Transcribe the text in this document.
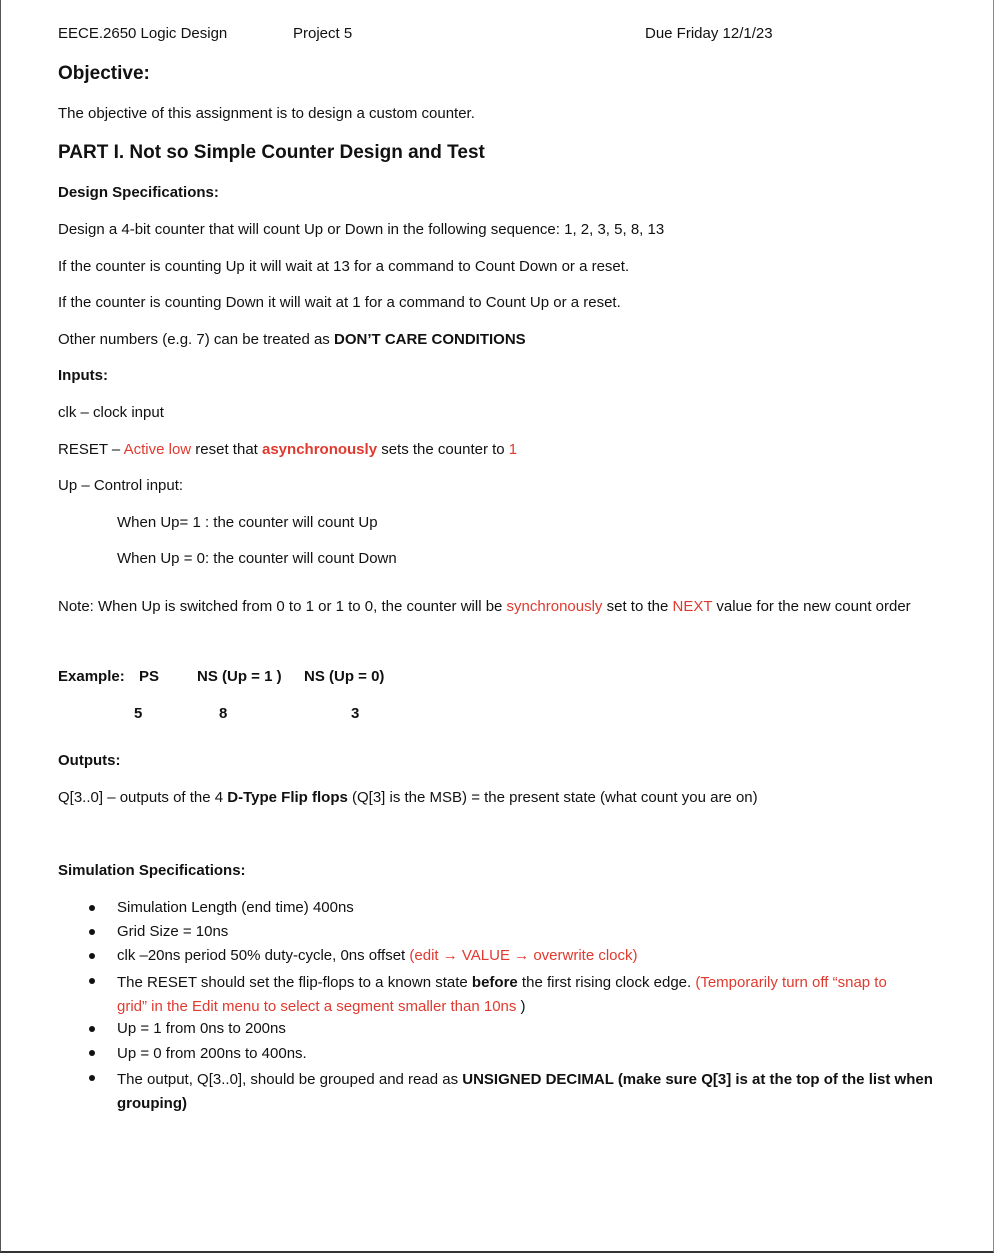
EECE.2650 Logic Design	Project 5	Due Friday 12/1/23
Objective:
The objective of this assignment is to design a custom counter.
PART I. Not so Simple Counter Design and Test
Design Specifications:
Design a 4-bit counter that will count Up or Down in the following sequence: 1, 2, 3, 5, 8, 13
If the counter is counting Up it will wait at 13 for a command to Count Down or a reset.
If the counter is counting Down it will wait at 1 for a command to Count Up or a reset.
Other numbers (e.g. 7) can be treated as DON’T CARE CONDITIONS
Inputs:
clk – clock input
RESET – Active low reset that asynchronously sets the counter to 1
Up – Control input:
When Up= 1 : the counter will count Up
When Up = 0: the counter will count Down
Note: When Up is switched from 0 to 1 or 1 to 0, the counter will be synchronously set to the NEXT value for the new count order
Example: PS	NS (Up = 1 ) NS (Up = 0)
5	8	3
Outputs:
Q[3..0] – outputs of the 4 D-Type Flip flops (Q[3] is the MSB) = the present state (what count you are on)
Simulation Specifications:
Simulation Length (end time) 400ns
Grid Size = 10ns
clk –20ns period 50% duty-cycle, 0ns offset (edit → VALUE → overwrite clock)
The RESET should set the flip-flops to a known state before the first rising clock edge. (Temporarily turn off “snap to grid” in the Edit menu to select a segment smaller than 10ns )
Up = 1 from 0ns to 200ns
Up = 0 from 200ns to 400ns.
The output, Q[3..0], should be grouped and read as UNSIGNED DECIMAL (make sure Q[3] is at the top of the list when grouping)
